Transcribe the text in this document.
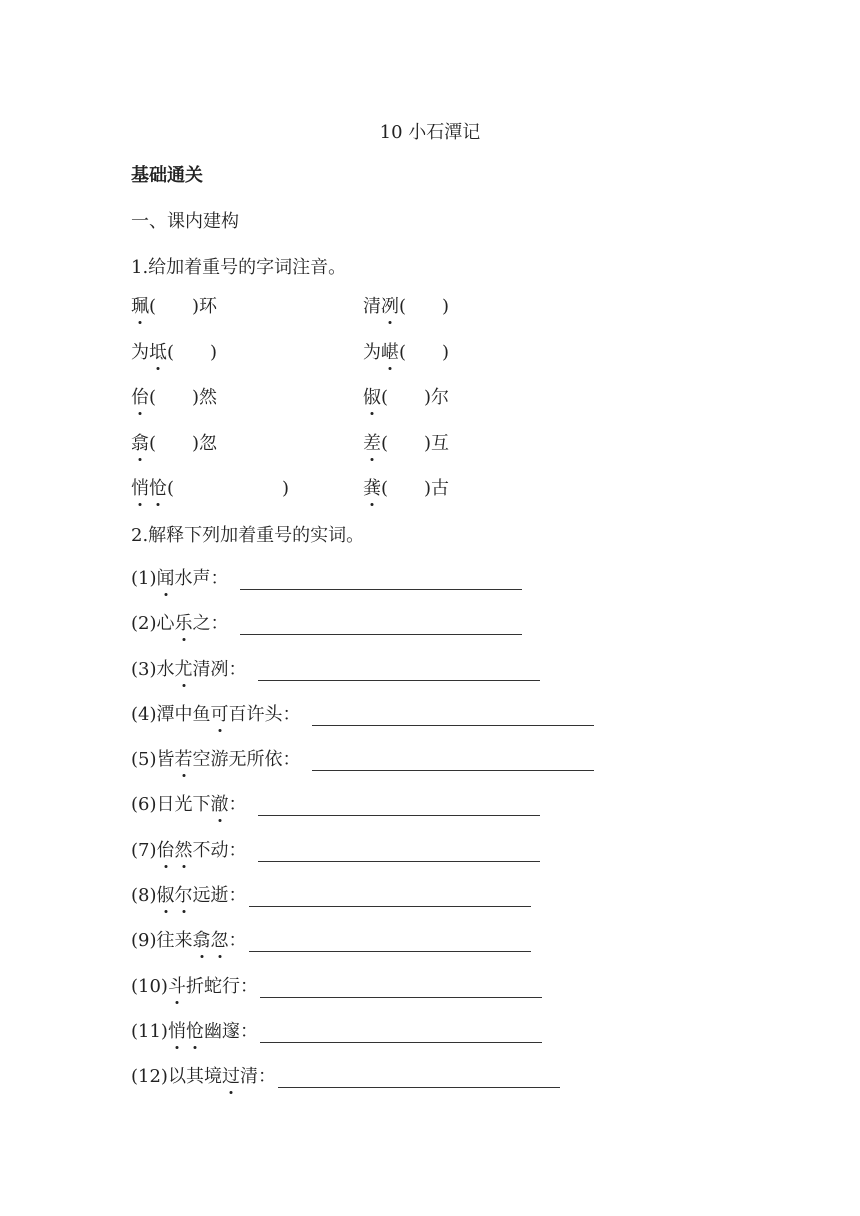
10 小石潭记
基础通关
一、课内建构
1.给加着重号的字词注音。
珮(　　)环	清冽(　　)
为坻(　　)	为嵁(　　)
佁(　　)然	俶(　　)尔
翕(　　)忽	差(　　)互
悄怆(　　　　　　)	龚(　　)古
2.解释下列加着重号的实词。
(1)闻水声：　
(2)心乐之：　
(3)水尤清冽：　
(4)潭中鱼可百许头：　
(5)皆若空游无所依：　
(6)日光下澈：　
(7)佁然不动：　
(8)俶尔远逝：
(9)往来翕忽：
(10)斗折蛇行：
(11)悄怆幽邃：
(12)以其境过清：
